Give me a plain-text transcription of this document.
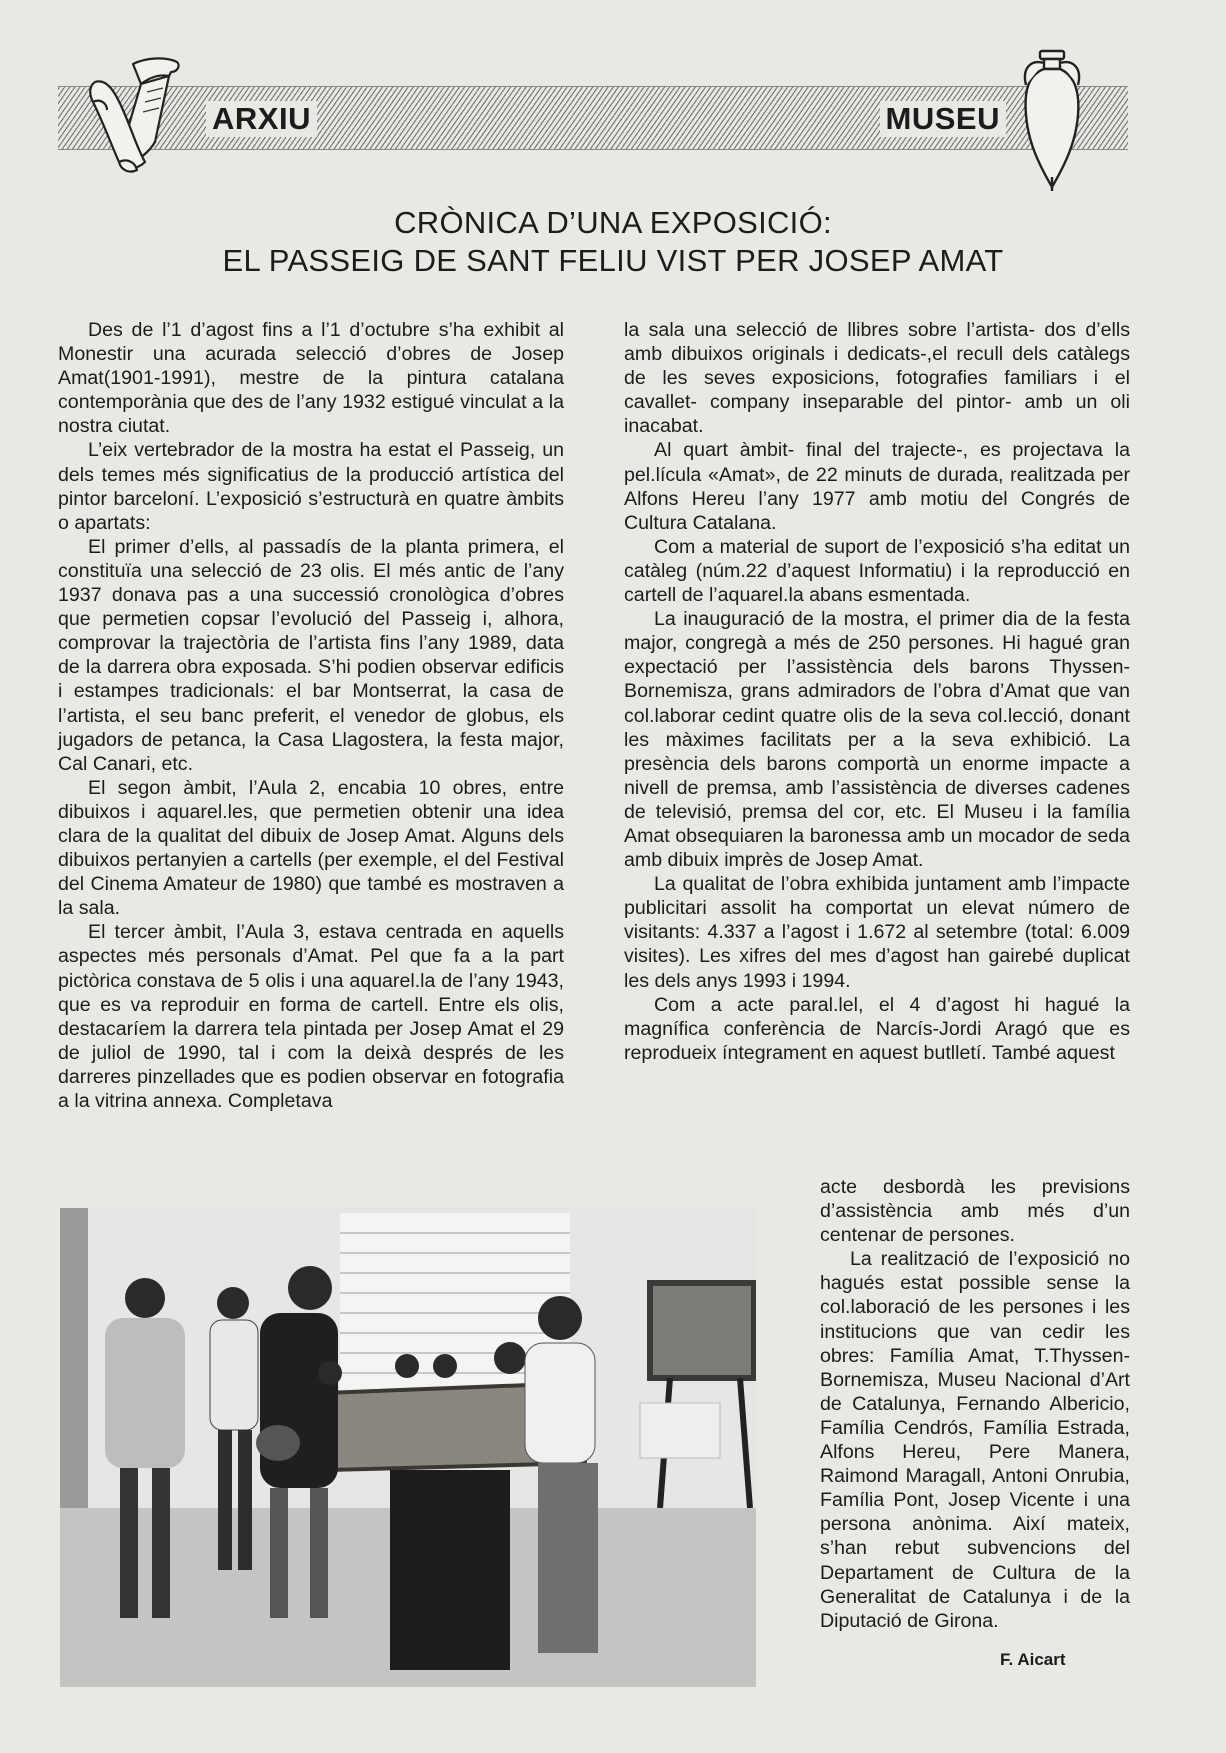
ARXIU	MUSEU
CRÒNICA D’UNA EXPOSICIÓ:
EL PASSEIG DE SANT FELIU VIST PER JOSEP AMAT

Des de l’1 d’agost fins a l’1 d’octubre s’ha exhibit al Monestir una acurada selecció d’obres de Josep Amat(1901-1991), mestre de la pintura catalana contemporània que des de l’any 1932 estigué vinculat a la nostra ciutat.

L’eix vertebrador de la mostra ha estat el Passeig, un dels temes més significatius de la producció artística del pintor barceloní. L’exposició s’estructurà en quatre àmbits o apartats:

El primer d’ells, al passadís de la planta primera, el constituïa una selecció de 23 olis. El més antic de l’any 1937 donava pas a una successió cronològica d’obres que permetien copsar l’evolució del Passeig i, alhora, comprovar la trajectòria de l’artista fins l’any 1989, data de la darrera obra exposada. S’hi podien observar edificis i estampes tradicionals: el bar Montserrat, la casa de l’artista, el seu banc preferit, el venedor de globus, els jugadors de petanca, la Casa Llagostera, la festa major, Cal Canari, etc.

El segon àmbit, l’Aula 2, encabia 10 obres, entre dibuixos i aquarel.les, que permetien obtenir una idea clara de la qualitat del dibuix de Josep Amat. Alguns dels dibuixos pertanyien a cartells (per exemple, el del Festival del Cinema Amateur de 1980) que també es mostraven a la sala.

El tercer àmbit, l’Aula 3, estava centrada en aquells aspectes més personals d’Amat. Pel que fa a la part pictòrica constava de 5 olis i una aquarel.la de l’any 1943, que es va reproduir en forma de cartell. Entre els olis, destacaríem la darrera tela pintada per Josep Amat el 29 de juliol de 1990, tal i com la deixà després de les darreres pinzellades que es podien observar en fotografia a la vitrina annexa. Completava

la sala una selecció de llibres sobre l’artista- dos d’ells amb dibuixos originals i dedicats-,el recull dels catàlegs de les seves exposicions, fotografies familiars i el cavallet- company inseparable del pintor- amb un oli inacabat.

Al quart àmbit- final del trajecte-, es projectava la pel.lícula «Amat», de 22 minuts de durada, realitzada per Alfons Hereu l’any 1977 amb motiu del Congrés de Cultura Catalana.

Com a material de suport de l’exposició s’ha editat un catàleg (núm.22 d’aquest Informatiu) i la reproducció en cartell de l’aquarel.la abans esmentada.

La inauguració de la mostra, el primer dia de la festa major, congregà a més de 250 persones. Hi hagué gran expectació per l’assistència dels barons Thyssen-Bornemisza, grans admiradors de l’obra d’Amat que van col.laborar cedint quatre olis de la seva col.lecció, donant les màximes facilitats per a la seva exhibició. La presència dels barons comportà un enorme impacte a nivell de premsa, amb l’assistència de diverses cadenes de televisió, premsa del cor, etc. El Museu i la família Amat obsequiaren la baronessa amb un mocador de seda amb dibuix imprès de Josep Amat.

La qualitat de l’obra exhibida juntament amb l’impacte publicitari assolit ha comportat un elevat número de visitants: 4.337 a l’agost i 1.672 al setembre (total: 6.009 visites). Les xifres del mes d’agost han gairebé duplicat les dels anys 1993 i 1994.

Com a acte paral.lel, el 4 d’agost hi hagué la magnífica conferència de Narcís-Jordi Aragó que es reprodueix íntegrament en aquest butlletí. També aquest

acte desbordà les previsions d’assistència amb més d’un centenar de persones.

La realització de l’exposició no hagués estat possible sense la col.laboració de les persones i les institucions que van cedir les obres: Família Amat, T.Thyssen-Bornemisza, Museu Nacional d’Art de Catalunya, Fernando Albericio, Família Cendrós, Família Estrada, Alfons Hereu, Pere Manera, Raimond Maragall, Antoni Onrubia, Família Pont, Josep Vicente i una persona anònima. Així mateix, s’han rebut subvencions del Departament de Cultura de la Generalitat de Catalunya i de la Diputació de Girona.

F. Aicart
